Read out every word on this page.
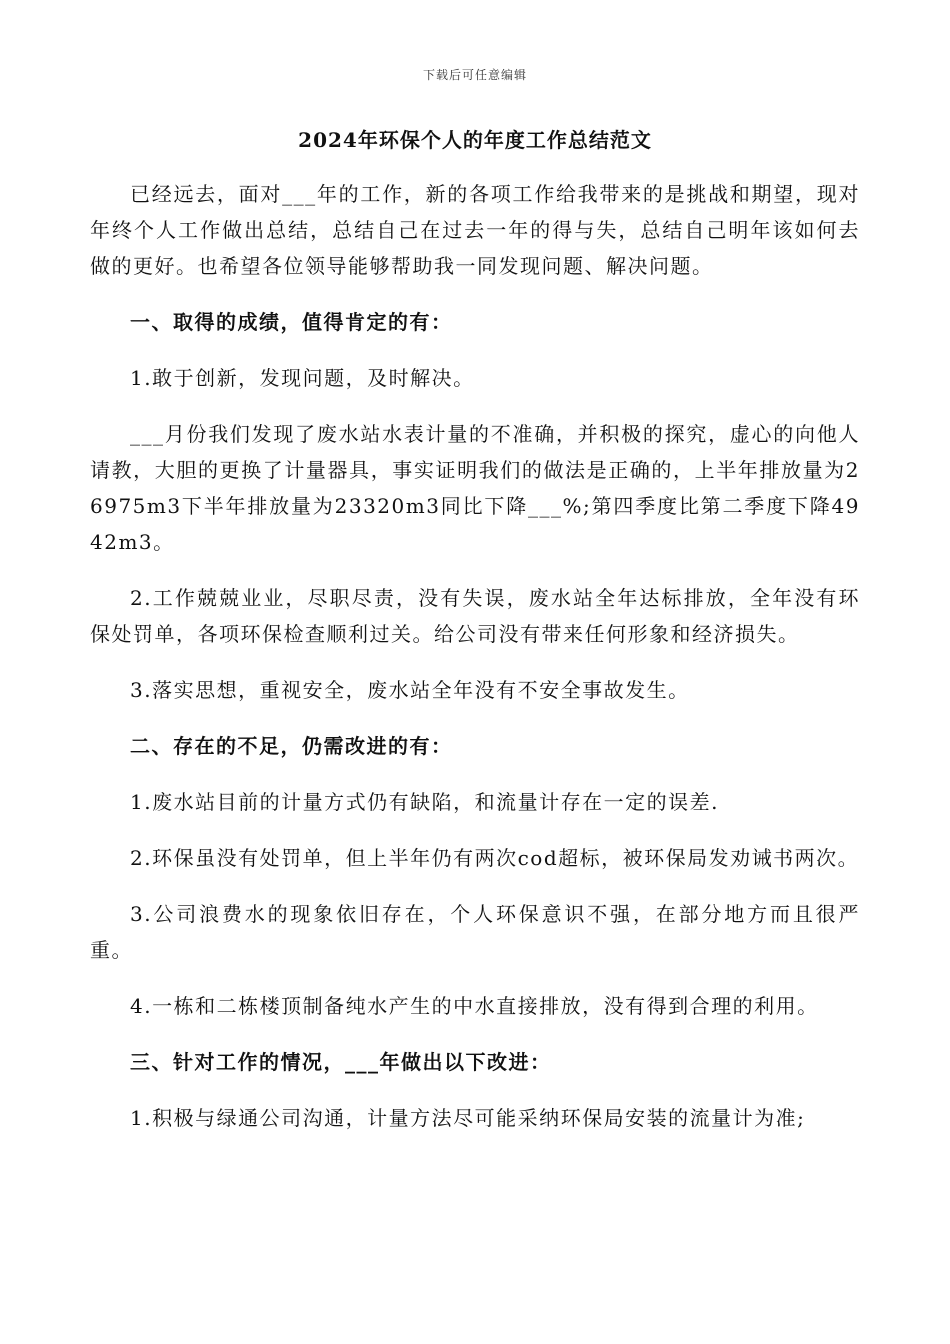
下载后可任意编辑
2024年环保个人的年度工作总结范文

已经远去，面对___年的工作，新的各项工作给我带来的是挑战和期望，现对年终个人工作做出总结，总结自己在过去一年的得与失，总结自己明年该如何去做的更好。也希望各位领导能够帮助我一同发现问题、解决问题。

一、取得的成绩，值得肯定的有：

1.敢于创新，发现问题，及时解决。

___月份我们发现了废水站水表计量的不准确，并积极的探究，虚心的向他人请教，大胆的更换了计量器具，事实证明我们的做法是正确的，上半年排放量为26975m3下半年排放量为23320m3同比下降___%;第四季度比第二季度下降4942m3。

2.工作兢兢业业，尽职尽责，没有失误，废水站全年达标排放，全年没有环保处罚单，各项环保检查顺利过关。给公司没有带来任何形象和经济损失。

3.落实思想，重视安全，废水站全年没有不安全事故发生。

二、存在的不足，仍需改进的有：

1.废水站目前的计量方式仍有缺陷，和流量计存在一定的误差.

2.环保虽没有处罚单，但上半年仍有两次cod超标，被环保局发劝诫书两次。

3.公司浪费水的现象依旧存在，个人环保意识不强，在部分地方而且很严重。

4.一栋和二栋楼顶制备纯水产生的中水直接排放，没有得到合理的利用。

三、针对工作的情况，___年做出以下改进：

1.积极与绿通公司沟通，计量方法尽可能采纳环保局安装的流量计为准;
